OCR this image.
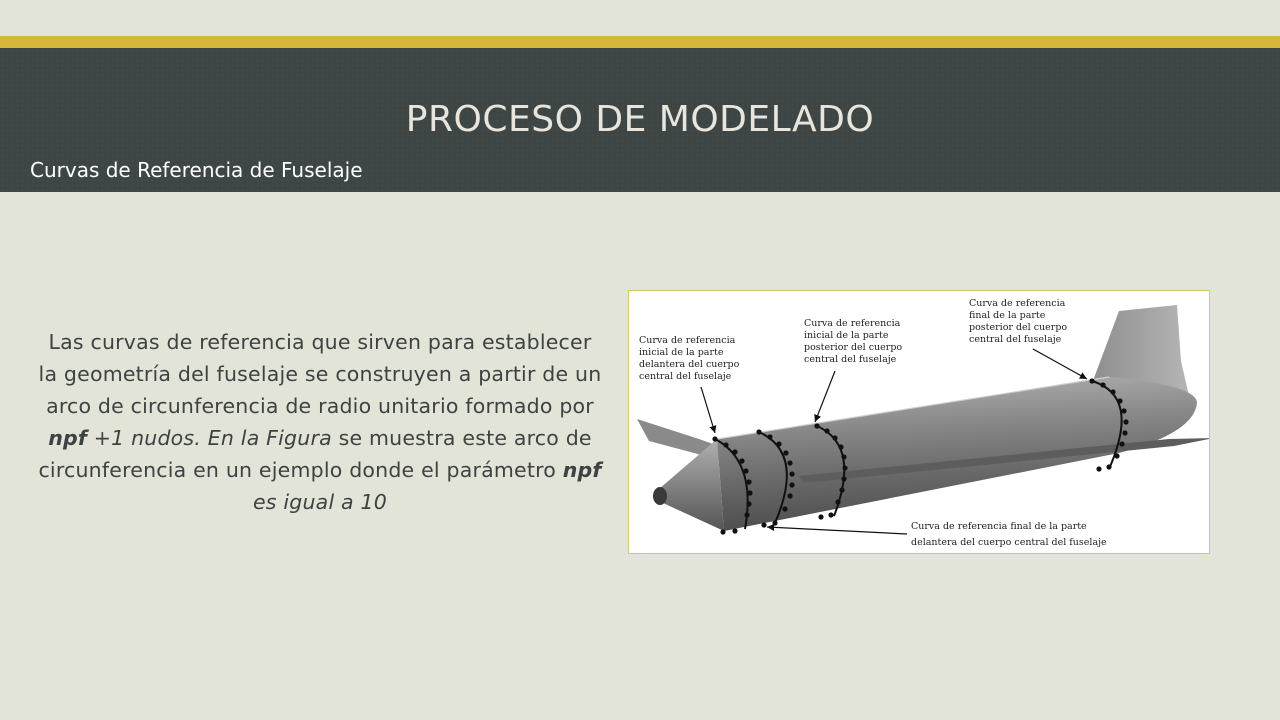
PROCESO DE MODELADO
Curvas de Referencia de Fuselaje
Las curvas de referencia que sirven para establecer la geometría del fuselaje se construyen a partir de un arco de circunferencia de radio unitario formado por npf +1 nudos. En la Figura se muestra este arco de circunferencia en un ejemplo donde el parámetro npf es igual a 10
Curva de referencia inicial de la parte delantera del cuerpo central del fuselaje
Curva de referencia inicial de la parte posterior del cuerpo central del fuselaje
Curva de referencia final de la parte posterior del cuerpo central del fuselaje
Curva de referencia final de la parte delantera del cuerpo central del fuselaje
